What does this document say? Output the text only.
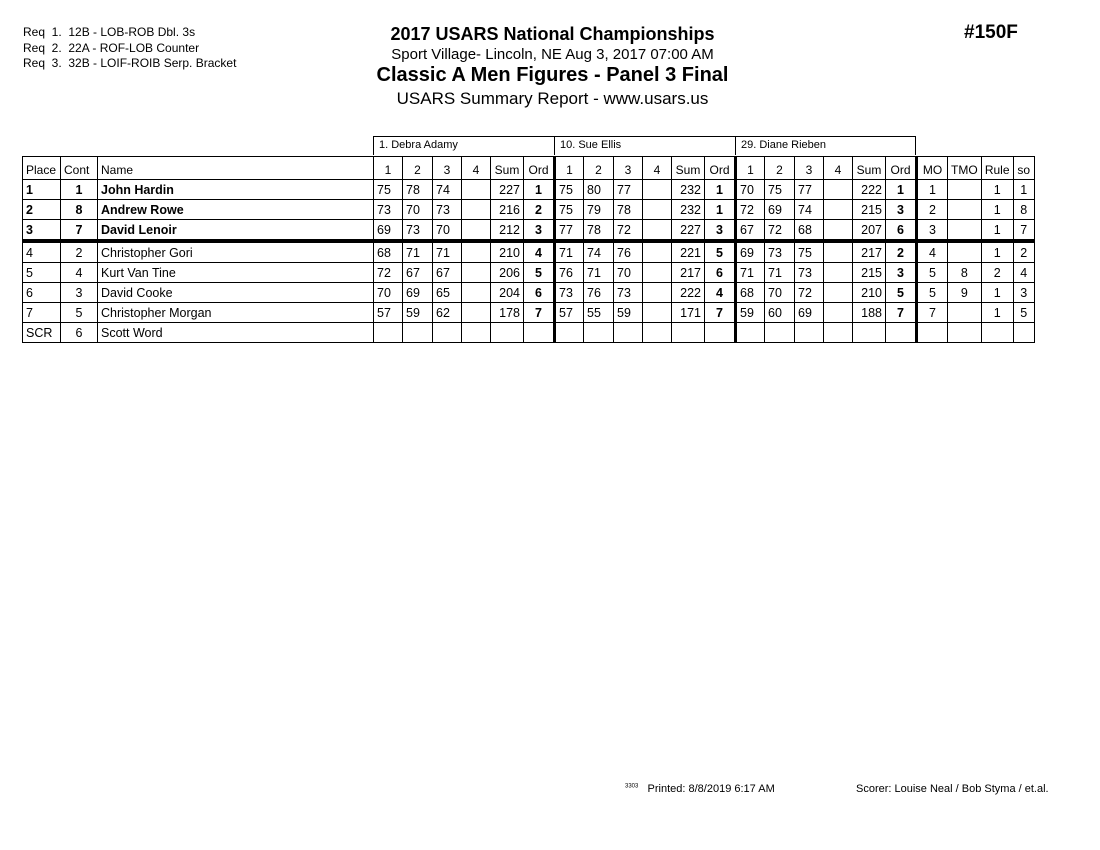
Req  1.  12B - LOB-ROB Dbl. 3s
Req  2.  22A - ROF-LOB Counter
Req  3.  32B - LOIF-ROIB Serp. Bracket
2017 USARS National Championships
Sport Village- Lincoln, NE Aug 3, 2017 07:00 AM
Classic A Men Figures - Panel 3 Final
USARS Summary Report - www.usars.us
#150F
1. Debra Adamy	10. Sue Ellis	29. Diane Rieben
Place	Cont	Name	1	2	3	4	Sum	Ord	1	2	3	4	Sum	Ord	1	2	3	4	Sum	Ord	MO	TMO	Rule	so
1	1	John Hardin	75	78	74		227	1	75	80	77		232	1	70	75	77		222	1	1		1	1
2	8	Andrew Rowe	73	70	73		216	2	75	79	78		232	1	72	69	74		215	3	2		1	8
3	7	David Lenoir	69	73	70		212	3	77	78	72		227	3	67	72	68		207	6	3		1	7
4	2	Christopher Gori	68	71	71		210	4	71	74	76		221	5	69	73	75		217	2	4		1	2
5	4	Kurt Van Tine	72	67	67		206	5	76	71	70		217	6	71	71	73		215	3	5	8	2	4
6	3	David Cooke	70	69	65		204	6	73	76	73		222	4	68	70	72		210	5	5	9	1	3
7	5	Christopher Morgan	57	59	62		178	7	57	55	59		171	7	59	60	69		188	7	7		1	5
SCR	6	Scott Word																						
$^{3303}$ Printed: 8/8/2019 6:17 AM	Scorer: Louise Neal / Bob Styma / et.al.
